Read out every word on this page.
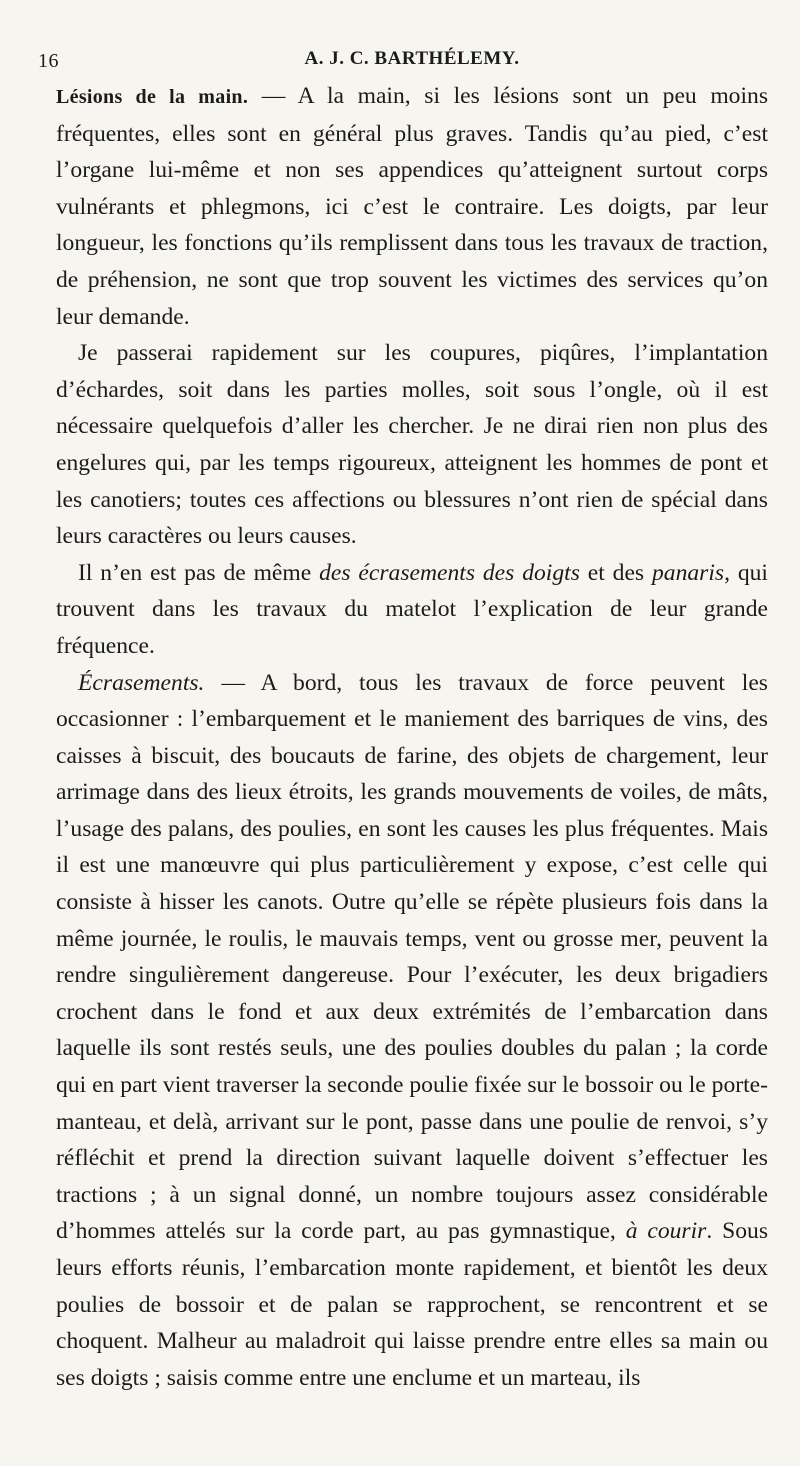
16	A. J. C. BARTHÉLEMY.

Lésions de la main. — A la main, si les lésions sont un peu moins fréquentes, elles sont en général plus graves. Tandis qu’au pied, c’est l’organe lui-même et non ses appendices qu’atteignent surtout corps vulnérants et phlegmons, ici c’est le contraire. Les doigts, par leur longueur, les fonctions qu’ils remplissent dans tous les travaux de traction, de préhension, ne sont que trop souvent les victimes des services qu’on leur demande.

Je passerai rapidement sur les coupures, piqûres, l’implantation d’échardes, soit dans les parties molles, soit sous l’ongle, où il est nécessaire quelquefois d’aller les chercher. Je ne dirai rien non plus des engelures qui, par les temps rigoureux, atteignent les hommes de pont et les canotiers; toutes ces affections ou blessures n’ont rien de spécial dans leurs caractères ou leurs causes.

Il n’en est pas de même des écrasements des doigts et des panaris, qui trouvent dans les travaux du matelot l’explication de leur grande fréquence.

Écrasements. — A bord, tous les travaux de force peuvent les occasionner : l’embarquement et le maniement des barriques de vins, des caisses à biscuit, des boucauts de farine, des objets de chargement, leur arrimage dans des lieux étroits, les grands mouvements de voiles, de mâts, l’usage des palans, des poulies, en sont les causes les plus fréquentes. Mais il est une manœuvre qui plus particulièrement y expose, c’est celle qui consiste à hisser les canots. Outre qu’elle se répète plusieurs fois dans la même journée, le roulis, le mauvais temps, vent ou grosse mer, peuvent la rendre singulièrement dangereuse. Pour l’exécuter, les deux brigadiers crochent dans le fond et aux deux extrémités de l’embarcation dans laquelle ils sont restés seuls, une des poulies doubles du palan ; la corde qui en part vient traverser la seconde poulie fixée sur le bossoir ou le porte-manteau, et delà, arrivant sur le pont, passe dans une poulie de renvoi, s’y réfléchit et prend la direction suivant laquelle doivent s’effectuer les tractions ; à un signal donné, un nombre toujours assez considérable d’hommes attelés sur la corde part, au pas gymnastique, à courir. Sous leurs efforts réunis, l’embarcation monte rapidement, et bientôt les deux poulies de bossoir et de palan se rapprochent, se rencontrent et se choquent. Malheur au maladroit qui laisse prendre entre elles sa main ou ses doigts ; saisis comme entre une enclume et un marteau, ils
